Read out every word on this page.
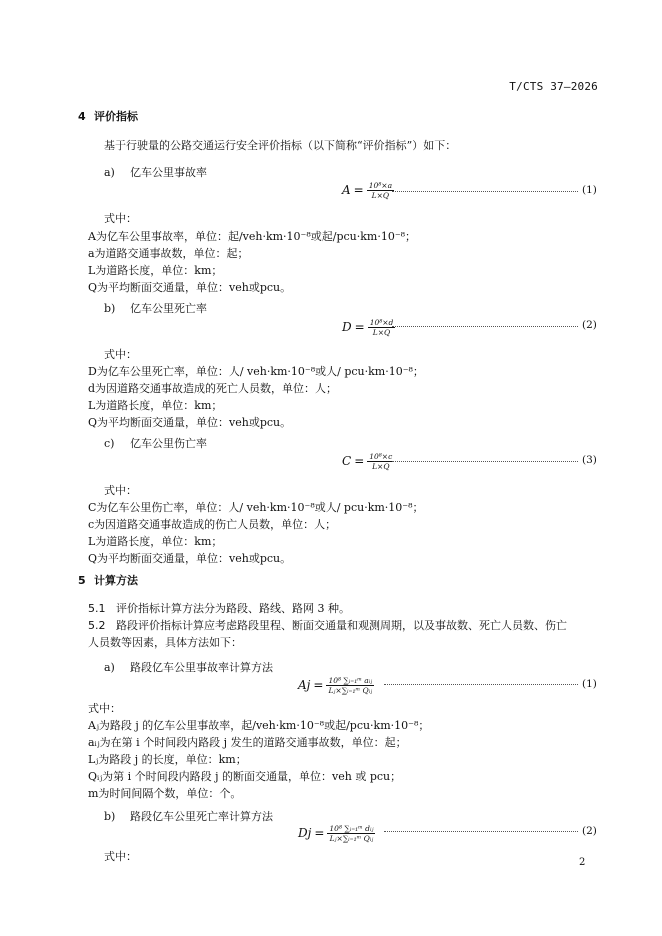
T/CTS 37—2026
4 评价指标
基于行驶量的公路交通运行安全评价指标（以下简称“评价指标”）如下：
a) 亿车公里事故率
$A = \frac{\text{10⁸×a}}{L\times Q}$	(1)
式中：
A为亿车公里事故率，单位：起/veh·km·10⁻⁸或起/pcu·km·10⁻⁸；
a为道路交通事故数，单位：起；
L为道路长度，单位：km；
Q为平均断面交通量，单位：veh或pcu。
b) 亿车公里死亡率
$D = \frac{\text{10⁸×d}}{L\times Q}$	(2)
式中：
D为亿车公里死亡率，单位：人/ veh·km·10⁻⁸或人/ pcu·km·10⁻⁸；
d为因道路交通事故造成的死亡人员数，单位：人；
L为道路长度，单位：km；
Q为平均断面交通量，单位：veh或pcu。
c) 亿车公里伤亡率
$C = \frac{\text{10⁸×c}}{L\times Q}$	(3)
式中：
C为亿车公里伤亡率，单位：人/ veh·km·10⁻⁸或人/ pcu·km·10⁻⁸；
c为因道路交通事故造成的伤亡人员数，单位：人；
L为道路长度，单位：km；
Q为平均断面交通量，单位：veh或pcu。
5 计算方法
5.1 评价指标计算方法分为路段、路线、路网 3 种。
5.2 路段评价指标计算应考虑路段里程、断面交通量和观测周期，以及事故数、死亡人员数、伤亡
人员数等因素，具体方法如下：
a) 路段亿车公里事故率计算方法
$Aj = \frac{\text{10⁸ ∑ᵢ₌₁ᵐ aᵢⱼ}}{\text{Lⱼ×∑ᵢ₌₁ᵐ Qᵢⱼ}}$	(1)
式中：
Aⱼ为路段 j 的亿车公里事故率，起/veh·km·10⁻⁸或起/pcu·km·10⁻⁸；
aᵢⱼ为在第 i 个时间段内路段 j 发生的道路交通事故数，单位：起；
Lⱼ为路段 j 的长度，单位：km；
Qᵢⱼ为第 i 个时间段内路段 j 的断面交通量，单位：veh 或 pcu；
m为时间间隔个数，单位：个。
b) 路段亿车公里死亡率计算方法
$Dj = \frac{\text{10⁸ ∑ᵢ₌₁ᵐ dᵢⱼ}}{\text{Lⱼ×∑ᵢ₌₁ᵐ Qᵢⱼ}}$	(2)
式中：	2
